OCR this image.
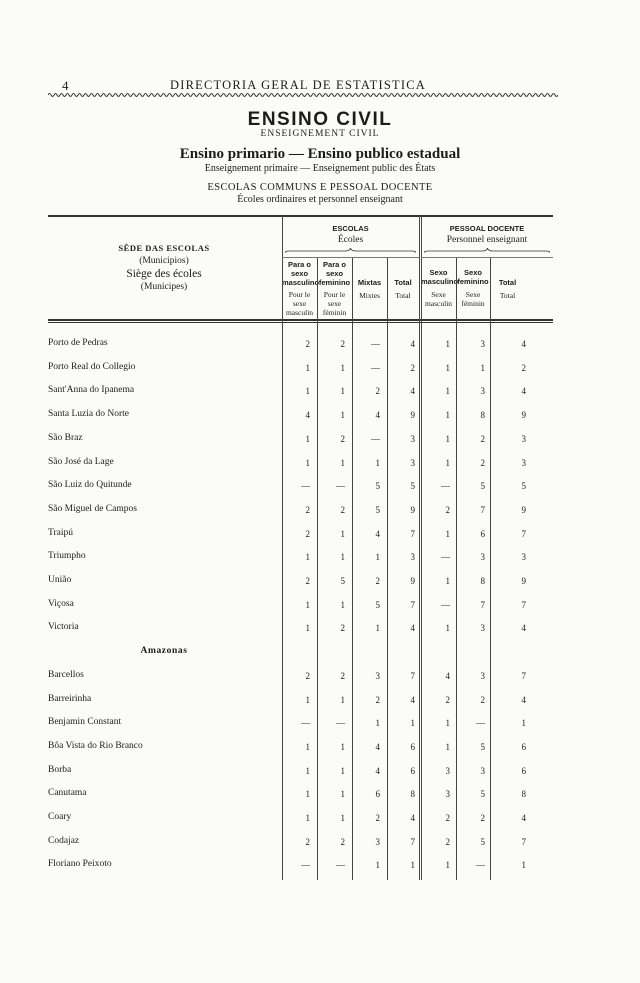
4	DIRECTORIA GERAL DE ESTATISTICA
ENSINO CIVIL
ENSEIGNEMENT CIVIL
Ensino primario — Ensino publico estadual
Enseignement primaire — Enseignement public des États
ESCOLAS COMMUNS E PESSOAL DOCENTE
Écoles ordinaires et personnel enseignant
SÊDE DAS ESCOLAS
(Municipios)
Siège des écoles
(Municipes)
ESCOLAS
Écoles
PESSOAL DOCENTE
Personnel enseignant
Para o sexo masculino
Pour le sexe masculin
Para o sexo feminino
Pour le sexe féminin
Mixtas
Mixtes
Total
Total
Sexo masculino
Sexe masculin
Sexo feminino
Sexe féminin
Total
Total
Porto de Pedras	2	2	—	4	1	3	4
Porto Real do Collegio	1	1	—	2	1	1	2
Sant'Anna do Ipanema	1	1	2	4	1	3	4
Santa Luzia do Norte	4	1	4	9	1	8	9
São Braz	1	2	—	3	1	2	3
São José da Lage	1	1	1	3	1	2	3
São Luiz do Quitunde	—	—	5	5	—	5	5
São Miguel de Campos	2	2	5	9	2	7	9
Traipú	2	1	4	7	1	6	7
Triumpho	1	1	1	3	—	3	3
União	2	5	2	9	1	8	9
Viçosa	1	1	5	7	—	7	7
Victoria	1	2	1	4	1	3	4
Amazonas
Barcellos	2	2	3	7	4	3	7
Barreirinha	1	1	2	4	2	2	4
Benjamin Constant	—	—	1	1	1	—	1
Bôa Vista do Rio Branco	1	1	4	6	1	5	6
Borba	1	1	4	6	3	3	6
Canutama	1	1	6	8	3	5	8
Coary	1	1	2	4	2	2	4
Codajaz	2	2	3	7	2	5	7
Floriano Peixoto	—	—	1	1	1	—	1
